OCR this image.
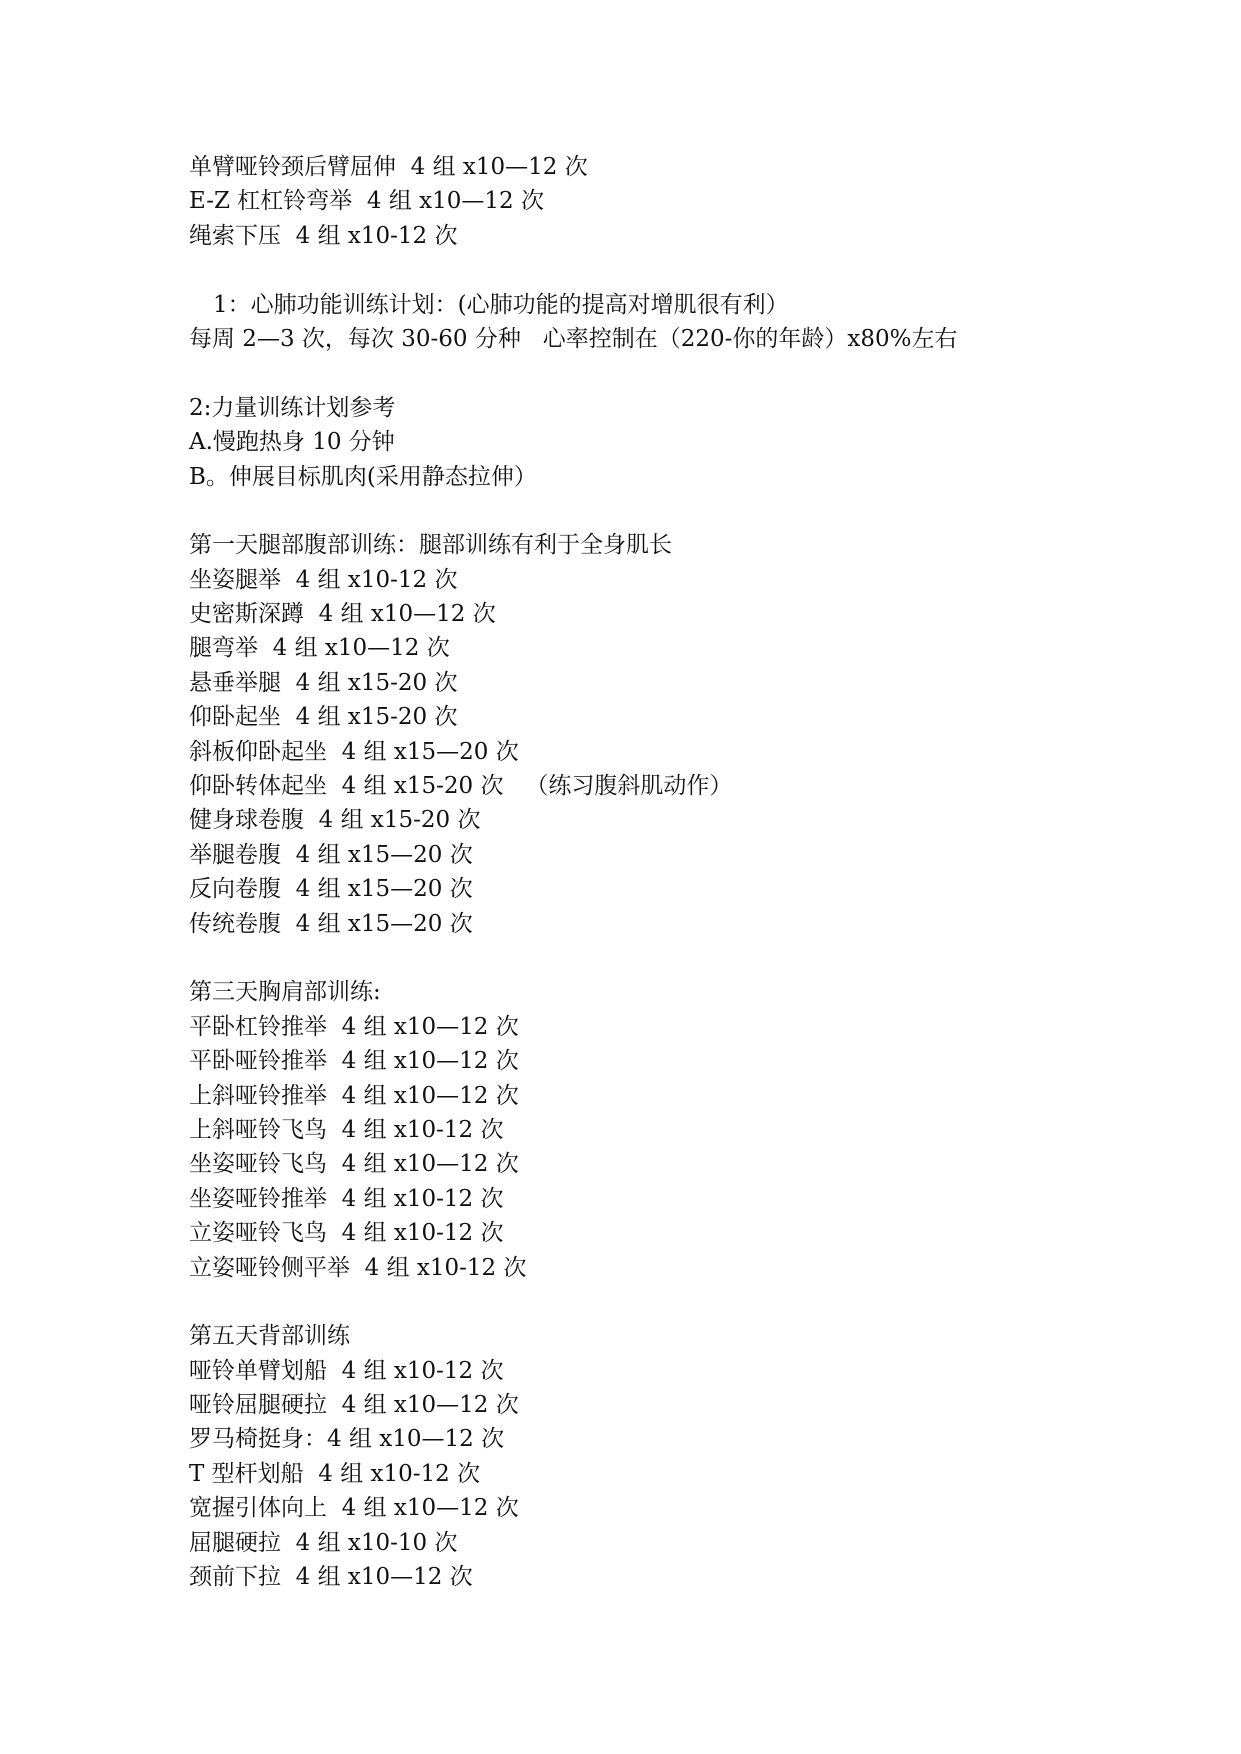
单臂哑铃颈后臂屈伸  4 组 x10—12 次
E-Z 杠杠铃弯举  4 组 x10—12 次
绳索下压  4 组 x10-12 次
1：心肺功能训练计划：(心肺功能的提高对增肌很有利）
每周 2—3 次，每次 30-60 分种   心率控制在（220-你的年龄）x80%左右
2:力量训练计划参考
A.慢跑热身 10 分钟
B。伸展目标肌肉(采用静态拉伸）
第一天腿部腹部训练：腿部训练有利于全身肌长
坐姿腿举  4 组 x10-12 次
史密斯深蹲  4 组 x10—12 次
腿弯举  4 组 x10—12 次
悬垂举腿  4 组 x15-20 次
仰卧起坐  4 组 x15-20 次
斜板仰卧起坐  4 组 x15—20 次
仰卧转体起坐  4 组 x15-20 次   （练习腹斜肌动作）
健身球卷腹  4 组 x15-20 次
举腿卷腹  4 组 x15—20 次
反向卷腹  4 组 x15—20 次
传统卷腹  4 组 x15—20 次
第三天胸肩部训练:
平卧杠铃推举  4 组 x10—12 次
平卧哑铃推举  4 组 x10—12 次
上斜哑铃推举  4 组 x10—12 次
上斜哑铃飞鸟  4 组 x10-12 次
坐姿哑铃飞鸟  4 组 x10—12 次
坐姿哑铃推举  4 组 x10-12 次
立姿哑铃飞鸟  4 组 x10-12 次
立姿哑铃侧平举  4 组 x10-12 次
第五天背部训练
哑铃单臂划船  4 组 x10-12 次
哑铃屈腿硬拉  4 组 x10—12 次
罗马椅挺身：4 组 x10—12 次
T 型杆划船  4 组 x10-12 次
宽握引体向上  4 组 x10—12 次
屈腿硬拉  4 组 x10-10 次
颈前下拉  4 组 x10—12 次
